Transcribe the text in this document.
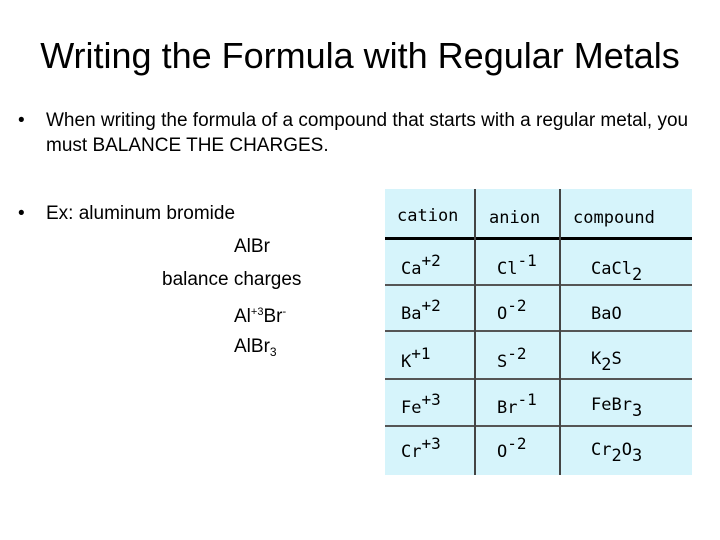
Writing the Formula with Regular Metals
• When writing the formula of a compound that starts with a regular metal, you must BALANCE THE CHARGES.
• Ex: aluminum bromide
AlBr
balance charges
$Al^{+3}Br^-$
AlBr$_3$
cation anion compound
Ca+2	Cl-1	CaCl2
Ba+2	O-2	BaO
K+1	S-2	K2S
Fe+3	Br-1	FeBr3
Cr+3	O-2	Cr2O3
